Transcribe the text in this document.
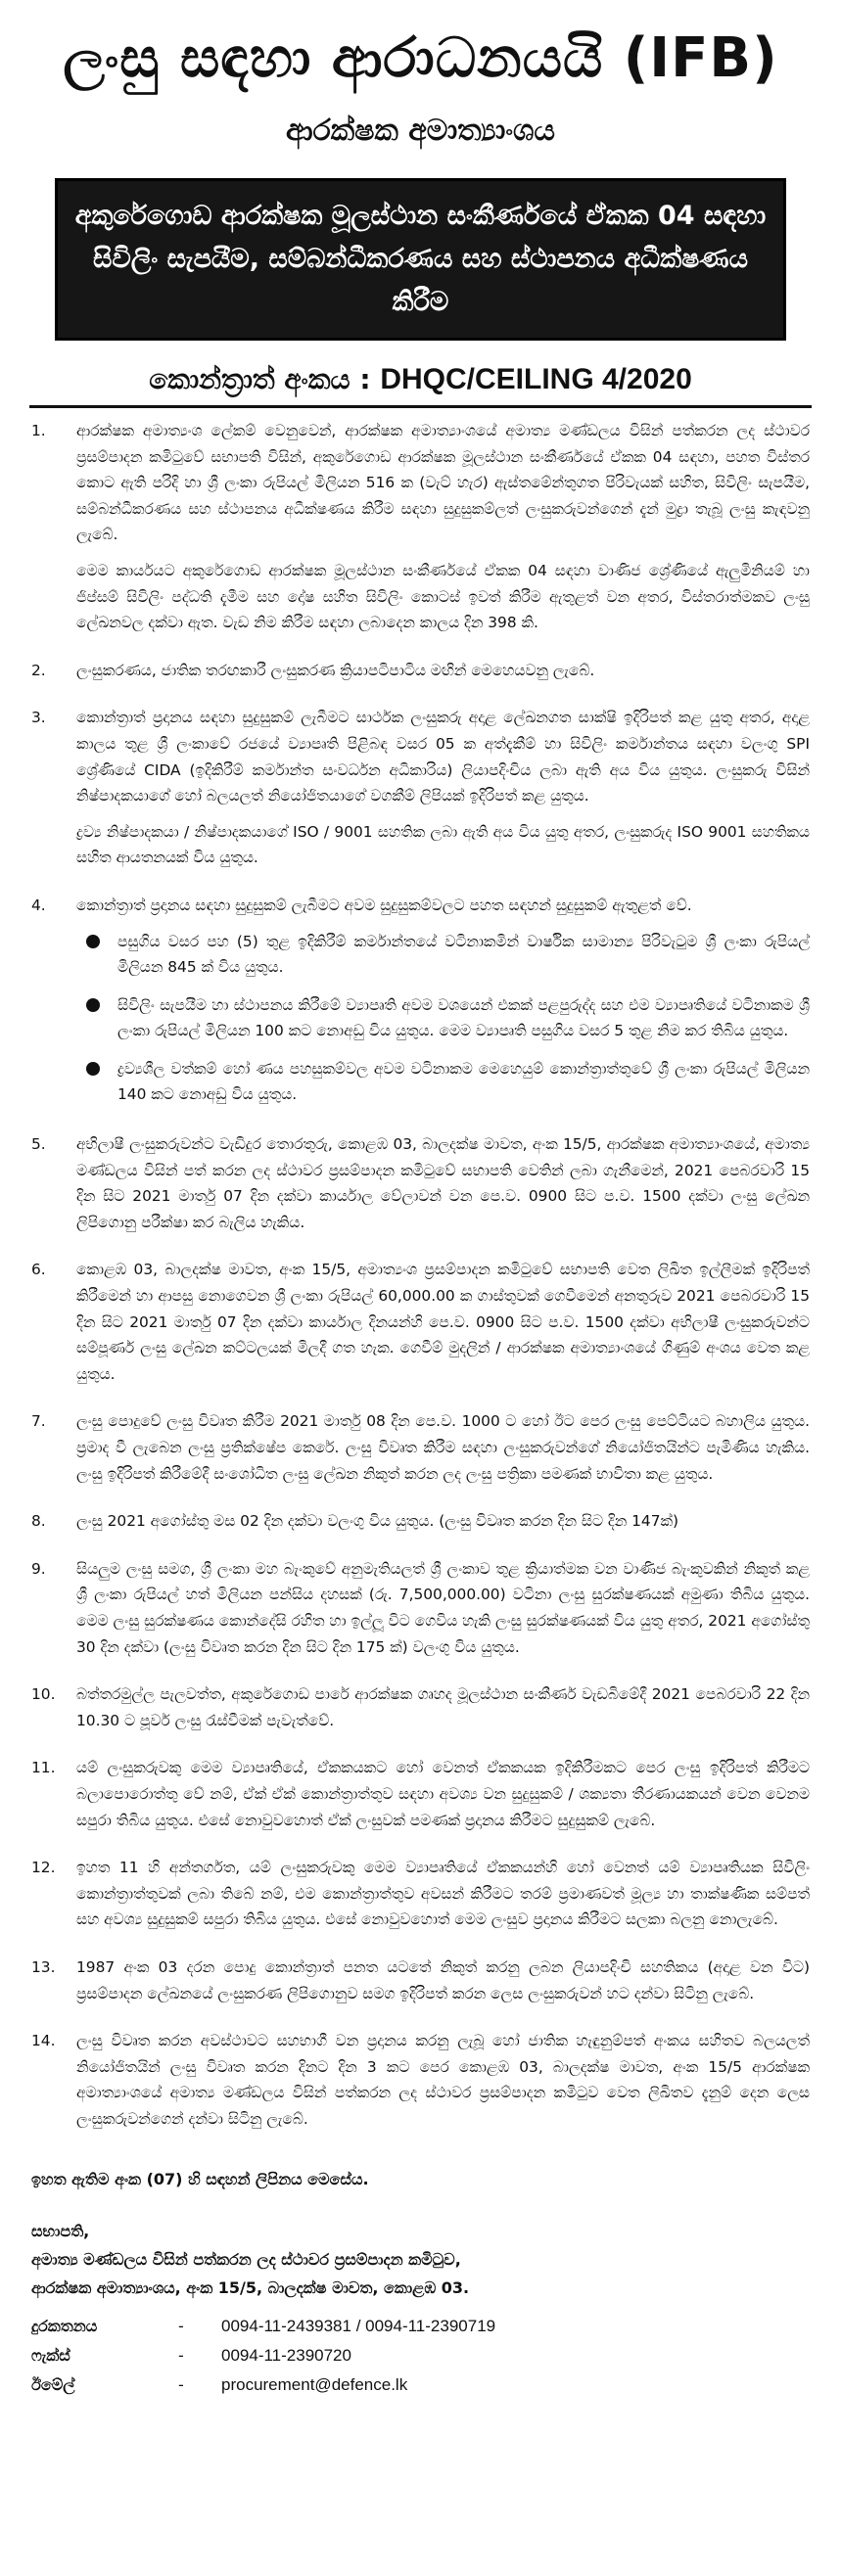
ලංසු සඳහා ආරාධනයයි (IFB)
ආරක්ෂක අමාත්‍යාංශය
අකුරේගොඩ ආරක්ෂක මූලස්ථාන සංකීර්ණයේ ඒකක 04 සඳහා
සිවිලිං සැපයීම, සම්බන්ධීකරණය සහ ස්ථාපනය අධීක්ෂණය කිරීම
කොන්ත්‍රාත් අංකය : DHQC/CEILING 4/2020
1.	ආරක්ෂක අමාත්‍යංශ ලේකම් වෙනුවෙන්, ආරක්ෂක අමාත්‍යාංශයේ අමාත්‍ය මණ්ඩලය විසින් පත්කරන ලද ස්ථාවර ප්‍රසම්පාදන කමිටුවේ සභාපති විසින්, අකුරේගොඩ ආරක්ෂක මූලස්ථාන සංකීර්ණයේ ඒකක 04 සඳහා, පහත විස්තර කොට ඇති පරිදි හා ශ්‍රී ලංකා රුපියල් මිලියන 516 ක (වැට් හැර) ඇස්තමේන්තුගත පිරිවැයක් සහිත, සිවිලිං සැපයීම, සම්බන්ධීකරණය සහ ස්ථාපනය අධීක්ෂණය කිරීම සඳහා සුදුසුකම්ලත් ලංසුකරුවන්ගෙන් දැන් මුද්‍රා තැබූ ලංසු කැඳවනු ලැබේ.

මෙම කාර්යයට අකුරේගොඩ ආරක්ෂක මූලස්ථාන සංකීර්ණයේ ඒකක 04 සඳහා වාණිජ ශ්‍රේණියේ ඇලුමිනියම් හා ජිප්සම් සිවිලිං පද්ධති දැමීම සහ දෝෂ සහිත සිවිලිං කොටස් ඉවත් කිරීම ඇතුළත් වන අතර, විස්තරාත්මකව ලංසු ලේඛනවල දක්වා ඇත. වැඩ නිම කිරීම සඳහා ලබාදෙන කාලය දින 398 කි.

2.	ලංසුකරණය, ජාතික තරඟකාරී ලංසුකරණ ක්‍රියාපටිපාටිය මඟින් මෙහෙයවනු ලැබේ.

3.	කොන්ත්‍රාත් ප්‍රදානය සඳහා සුදුසුකම් ලැබීමට සාර්ථක ලංසුකරු අදාළ ලේඛනගත සාක්ෂි ඉදිරිපත් කළ යුතු අතර, අදාළ කාලය තුළ ශ්‍රී ලංකාවේ රජයේ ව්‍යාපෘති පිළිබඳ වසර 05 ක අත්දැකීම් හා සිවිලිං කර්මාන්තය සඳහා වලංගු SPI ශ්‍රේණියේ CIDA (ඉදිකිරීම් කර්මාන්ත සංවර්ධන අධිකාරිය) ලියාපදිංචිය ලබා ඇති අය විය යුතුය. ලංසුකරු විසින් නිෂ්පාදකයාගේ හෝ බලයලත් නියෝජිතයාගේ වගකීම් ලිපියක් ඉදිරිපත් කළ යුතුය.

ද්‍රව්‍ය නිෂ්පාදකයා / නිෂ්පාදකයාගේ ISO / 9001 සහතික ලබා ඇති අය විය යුතු අතර, ලංසුකරුද ISO 9001 සහතිකය සහිත ආයතනයක් විය යුතුය.

4.	කොන්ත්‍රාත් ප්‍රදානය සඳහා සුදුසුකම් ලැබීමට අවම සුදුසුකම්වලට පහත සඳහන් සුදුසුකම් ඇතුළත් වේ.

පසුගිය වසර පහ (5) තුළ ඉදිකිරීම් කර්මාන්තයේ වටිනාකමින් වාර්ෂික සාමාන්‍ය පිරිවැටුම ශ්‍රී ලංකා රුපියල් මිලියන 845 ක් විය යුතුය.
සිවිලිං සැපයීම හා ස්ථාපනය කිරීමේ ව්‍යාපෘති අවම වශයෙන් එකක් පළපුරුද්ද සහ එම ව්‍යාපෘතියේ වටිනාකම ශ්‍රී ලංකා රුපියල් මිලියන 100 කට නොඅඩු විය යුතුය. මෙම ව්‍යාපෘති පසුගිය වසර 5 තුළ නිම කර තිබිය යුතුය.
ද්‍රව්‍යශීල වත්කම් හෝ ණය පහසුකම්වල අවම වටිනාකම මෙහෙයුම් කොන්ත්‍රාත්තුවේ ශ්‍රී ලංකා රුපියල් මිලියන 140 කට නොඅඩු විය යුතුය.
5.	අභිලාෂී ලංසුකරුවන්ට වැඩිදුර තොරතුරු, කොළඹ 03, බාලදක්ෂ මාවත, අංක 15/5, ආරක්ෂක අමාත්‍යාංශයේ, අමාත්‍ය මණ්ඩලය විසින් පත් කරන ලද ස්ථාවර ප්‍රසම්පාදන කමිටුවේ සභාපති වෙතින් ලබා ගැනීමෙන්, 2021 පෙබරවාරි 15 දින සිට 2021 මාර්තු 07 දින දක්වා කාර්යාල වේලාවන් වන පෙ.ව. 0900 සිට ප.ව. 1500 දක්වා ලංසු ලේඛන ලිපිගොනු පරීක්ෂා කර බැලිය හැකිය.

6.	කොළඹ 03, බාලදක්ෂ මාවත, අංක 15/5, අමාත්‍යංශ ප්‍රසම්පාදන කමිටුවේ සභාපති වෙත ලිඛිත ඉල්ලීමක් ඉදිරිපත් කිරීමෙන් හා ආපසු නොගෙවන ශ්‍රී ලංකා රුපියල් 60,000.00 ක ගාස්තුවක් ගෙවීමෙන් අනතුරුව 2021 පෙබරවාරි 15 දින සිට 2021 මාර්තු 07 දින දක්වා කාර්යාල දිනයන්හි පෙ.ව. 0900 සිට ප.ව. 1500 දක්වා අභිලාෂී ලංසුකරුවන්ට සම්පූර්ණ ලංසු ලේඛන කට්ටලයක් මිලදී ගත හැක. ගෙවීම් මුදලින් / ආරක්ෂක අමාත්‍යාංශයේ ගිණුම් අංශය වෙත කළ යුතුය.

7.	ලංසු පොදුවේ ලංසු විවෘත කිරීම 2021 මාර්තු 08 දින පෙ.ව. 1000 ට හෝ ඊට පෙර ලංසු පෙට්ටියට බහාලිය යුතුය. ප්‍රමාද වී ලැබෙන ලංසු ප්‍රතික්ෂේප කෙරේ. ලංසු විවෘත කිරීම සඳහා ලංසුකරුවන්ගේ නියෝජිතයින්ට පැමිණිය හැකිය. ලංසු ඉදිරිපත් කිරීමේදී සංශෝධිත ලංසු ලේඛන නිකුත් කරන ලද ලංසු පත්‍රිකා පමණක් භාවිතා කළ යුතුය.

8.	ලංසු 2021 අගෝස්තු මස 02 දින දක්වා වලංගු විය යුතුය. (ලංසු විවෘත කරන දින සිට දින 147ක්)

9.	සියලුම ලංසු සමග, ශ්‍රී ලංකා මහ බැංකුවේ අනුමැතියලත් ශ්‍රී ලංකාව තුළ ක්‍රියාත්මක වන වාණිජ බැංකුවකින් නිකුත් කළ ශ්‍රී ලංකා රුපියල් හත් මිලියන පන්සිය දහසක් (රු. 7,500,000.00) වටිනා ලංසු සුරක්ෂණයක් අමුණා තිබිය යුතුය. මෙම ලංසු සුරක්ෂණය කොන්දේසි රහිත හා ඉල්ලූ විට ගෙවිය හැකි ලංසු සුරක්ෂණයක් විය යුතු අතර, 2021 අගෝස්තු 30 දින දක්වා (ලංසු විවෘත කරන දින සිට දින 175 ක්) වලංගු විය යුතුය.

10.	බත්තරමුල්ල පැලවත්ත, අකුරේගොඩ පාරේ ආරක්ෂක ගෘහද මූලස්ථාන සංකීර්ණ වැඩබිමේදී 2021 පෙබරවාරි 22 දින 10.30 ට පූර්ව ලංසු රැස්වීමක් පැවැත්වේ.

11.	යම් ලංසුකරුවකු මෙම ව්‍යාපෘතියේ, ඒකකයකට හෝ වෙනත් ඒකකයක ඉදිකිරීමකට පෙර ලංසු ඉදිරිපත් කිරීමට බලාපොරොත්තු වේ නම්, ඒක් ඒක් කොන්ත්‍රාත්තුව සඳහා අවශ්‍ය වන සුදුසුකම් / ශක්‍යතා තීරණායකයන් වෙන වෙනම සපුරා තිබිය යුතුය. එසේ නොවුවහොත් ඒක් ලංසුවක් පමණක් ප්‍රදානය කිරීමට සුදුසුකම් ලැබේ.

12.	ඉහත 11 හි අන්තර්ගත, යම් ලංසුකරුවකු මෙම ව්‍යාපෘතියේ ඒකකයන්හි හෝ වෙනත් යම් ව්‍යාපෘතියක සිවිලිං කොන්ත්‍රාත්තුවක් ලබා තිබේ නම්, එම කොන්ත්‍රාත්තුව අවසන් කිරීමට තරම් ප්‍රමාණවත් මූල්‍ය හා තාක්ෂණික සම්පත් සහ අවශ්‍ය සුදුසුකම් සපුරා තිබිය යුතුය. එසේ නොවුවහොත් මෙම ලංසුව ප්‍රදානය කිරීමට සලකා බලනු නොලැබේ.

13.	1987 අංක 03 දරන පොදු කොන්ත්‍රාත් පනත යටතේ නිකුත් කරනු ලබන ලියාපදිංචි සහතිකය (අදාළ වන විට) ප්‍රසම්පාදන ලේඛනයේ ලංසුකරණ ලිපිගොනුව සමග ඉදිරිපත් කරන ලෙස ලංසුකරුවන් හට දන්වා සිටිනු ලැබේ.

14.	ලංසු විවෘත කරන අවස්ථාවට සහභාගී වන ප්‍රදානය කරනු ලැබූ හෝ ජාතික හැඳුනුම්පත් අංකය සහිතව බලයලත් නියෝජිතයින් ලංසු විවෘත කරන දිනට දින 3 කට පෙර කොළඹ 03, බාලදක්ෂ මාවත, අංක 15/5 ආරක්ෂක අමාත්‍යාංශයේ අමාත්‍ය මණ්ඩලය විසින් පත්කරන ලද ස්ථාවර ප්‍රසම්පාදන කමිටුව වෙත ලිඛිතව දැනුම් දෙන ලෙස ලංසුකරුවන්ගෙන් දන්වා සිටිනු ලැබේ.

ඉහත ඇතිම අංක (07) හි සඳහන් ලිපිනය මෙසේය.
සභාපති,
අමාත්‍ය මණ්ඩලය විසින් පත්කරන ලද ස්ථාවර ප්‍රසම්පාදන කමිටුව,
ආරක්ෂක අමාත්‍යාංශය, අංක 15/5, බාලදක්ෂ මාවත, කොළඹ 03.
දුරකතනය	-	0094-11-2439381 / 0094-11-2390719
ෆැක්ස්	-	0094-11-2390720
ඊමේල්	-	procurement@defence.lk
